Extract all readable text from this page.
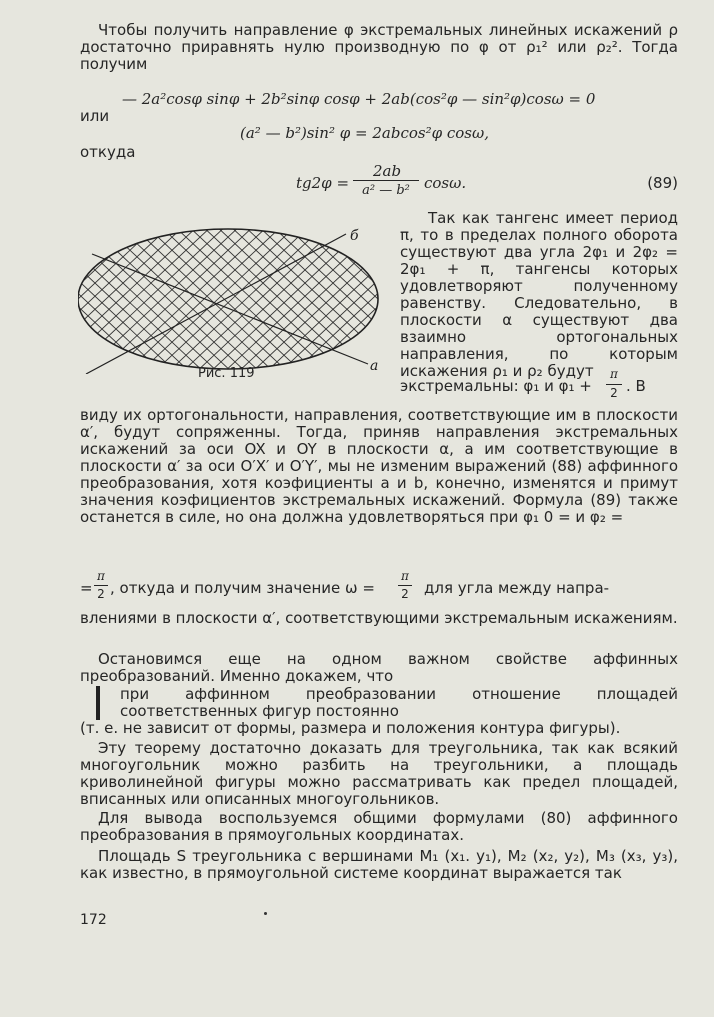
Чтобы получить направление φ экстремальных линейных искажений ρ достаточно приравнять нулю производную по φ от ρ₁² или ρ₂². Тогда получим

— 2a²cosφ sinφ + 2b²sinφ cosφ + 2ab(cos²φ — sin²φ)cosω = 0
или
(a² — b²)sin² φ = 2abcos²φ cosω,
откуда
tg2φ =
2ab
a² — b² cosω.	(89)
б
а
Рис. 119

Так как тангенс имеет период π, то в пределах полного оборота существуют два угла 2φ₁ и 2φ₂ = 2φ₁ + π, тангенсы которых удовлетворяют полученному равенству. Следовательно, в плоскости α существуют два взаимно ортогональных направления, по которым искажения ρ₁ и ρ₂ будут

экстремальны: φ₁ и φ₁ +
π
2 . В

виду их ортогональности, направления, соответствующие им в плоскости α′, будут сопряженны. Тогда, приняв направления экстремальных искажений за оси OX и OY в плоскости α, а им соответствующие в плоскости α′ за оси O′X′ и O′Y′, мы не изменим выражений (88) аффинного преобразования, хотя коэфициенты a и b, конечно, изменятся и примут значения коэфициентов экстремальных искажений. Формула (89) также останется в силе, но она должна удовлетворяться при φ₁ 0 = и φ₂ =

=
π
2 , откуда и получим значение ω =
π
2 для угла между напра-

влениями в плоскости α′, соответствующими экстремальным искажениям.

Остановимся еще на одном важном свойстве аффинных преобразований. Именно докажем, что

при аффинном преобразовании отношение площадей соответственных фигур постоянно

(т. е. не зависит от формы, размера и положения контура фигуры).

Эту теорему достаточно доказать для треугольника, так как всякий многоугольник можно разбить на треугольники, а площадь криволинейной фигуры можно рассматривать как предел площадей, вписанных или описанных многоугольников.

Для вывода воспользуемся общими формулами (80) аффинного преобразования в прямоугольных координатах.

Площадь S треугольника с вершинами M₁ (x₁. y₁), M₂ (x₂, y₂), M₃ (x₃, y₃), как известно, в прямоугольной системе координат выражается так

172
